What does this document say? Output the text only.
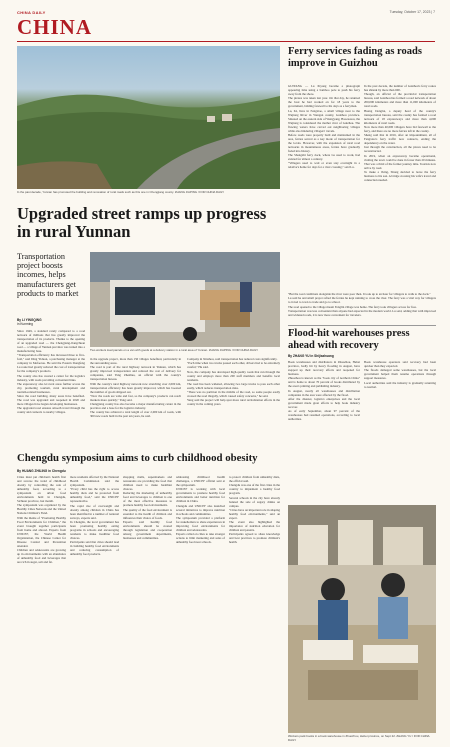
CHINA DAILY	Tuesday, October 17, 2023 | 7
CHINA
In the past decade, Yunnan has promoted the building and renovation of rural roads such as this one in Chengjiang county. ZHANG JIAPING / FOR CHINA DAILY
Ferry services fading as roads improve in Guizhou

GUIYANG — Lu Xiyang became a photograph appearing time using a bamboo pole to push his ferry away from the shore.

The pirates was taken last year. On that day, he returned the boat he had worked on for 18 years to the government, bidding farewell to his days as a ferryman.

Lu, 64, lives in Fengxiao, a small village near to the Wujiang River in Wengan county, Guizhou province. Situated on the eastern side of Wengyang, Haozaotou, the Wujiang is considered the mother river of Guizhou. The flowing waters have carved out neighboring villages while also hindering villagers' travels.

Before roads were properly built and maintained in the area, ferries served as a key mode of transportation for the locals. However, with the expansion of rural road networks in mountainous areas, ferries have gradually faded into history.

The Shangzhi ferry dock, where Lu used to work, had existed for almost a century.

"Villagers used to wait or even stay overnight in a relative's home for days for a river crossing," said Lu.

In the past decade, the number of Guizhou's ferry routes has shrunk by more than 600.

Though, an official of the provincial transportation bureau, said Guizhou has formed a road network of about 200,000 kilometers and more than 11,000 kilometers of rural roads.

Huang Donglai, a deputy head of the county's transportation bureau, said the county has formed a road network of 18 expressways and more than 4,000 kilometers of rural roads.

Now more than 40,000 villagers have bid farewell to the ferry, and there are no more ferries left in the county.

Sheng said that in 2016, after an impoundment, all of Fengxiao's ferry traffic now connects, ending the dependency on the water.

Just through the construction, all the places need to be reconstructed.

In 2019, when an expressway became operational, visiting the town could be done in fewer than 20 minutes. That was a third of the former journey time. Tourists now arrive by road.

To make a living, Shang decided to leave the ferry business to his son. A bridge crossing his wife's travel and connection needed.

"But the road conditions alongside the river were poor then. It took up to an hour for villagers to walk to the dock."

Lu said he and small prayer rafted the ferries he kept running to cross the river. The ferry was a vital way for villagers to travel to town to trade and go to school.

The road opened to the village meant Fenglin village was home. The ferry took villagers across for free.

Transportation was less convenient than anyone had expected in the modern world. Lu said, adding that with improved and widened roads, it is now more convenient for travelers.

Upgraded street ramps up progress in rural Yunnan
Transportation project boosts incomes, helps manufacturers get products to market
By LI YINGQING
in Kunming

Since 1949, a standard rarely compared to a road network of millions that has greatly improved the transportation of its products. Thanks to the opening of an upgraded road — the Chengjiang-Jiangchuan road — a village of Yunnan province was turned into a manufacturing base.

"Transportation efficiency has increased three to five-fold," said Ding Yiduan, a purchasing manager at the company in Mofaotou. He said the Eastern Dongfeng Lu route had greatly reduced the cost of transportation for the company's products.

The county also has created a center for the logistics industry, with roads providing convenient links.

The expressway also let rural areas further access the city, promoting tourism, rural development and tourism-related businesses.

Since the road building, many areas have benefited. The road was upgraded and reopened in 2020 and more villages have begun developing businesses.

The upgraded road ensures smooth travel through the county and connects to nearby villages.

Two workers load parcels on a van with goods at a delivery station in a rural area of Yunnan. ZHANG JIAPING / FOR CHINA DAILY

in the upgrade project, more than 150 villages benefited, particularly in the surrounding areas.

The road is part of the rural highway network in Yunnan, which has greatly improved transportation and reduced the cost of delivery for companies, said Yang Zhenhua, an official with the county's transportation bureau.

With the county's rural highway network now stretching over 2,000 km, transportation efficiency has been greatly improved, which has boosted the number of goods shipped out.

"Now the roads are wide and fast, so the company's products can reach markets more quickly," Yang said.

Chengjiang county has also become a major manufacturing center in the province and a base for the logistics industry.

The county has achieved a total length of over 2,000 km of roads, with 300 new roads built in the past ten years, he said.

Company in Xinzhou, said transportation has reduced costs significantly.

"Each time when two trucks passed each other, drivers had to be extremely careful," Hu said.

Now, the company has developed high-quality roads that run through the county and employs more than 200 staff members and benefits local residents.

The road has been widened, allowing two large trucks to pass each other easily, which reduces transportation risks.

"There was no partition in the middle of the road, so some people easily crossed the road illegally, which caused safety concerns," he said.

Yang said the project will help spur more rural revitalization efforts in the county in the coming years.

Flood-hit warehouses press ahead with recovery
By ZHANG YU in Shijiazhuang

Book warehouses and distributors in Zhuozhou, Hebei province, badly hit by heavy flooding in August, have stepped up their recovery efforts and reopened for business.

Zhuozhou is known as the "book city of northern China" and is home to about 70 percent of books distributed by the area's printing and publishing industry.

In August, nearly all warehouses and distribution companies in the area were affected by the flood.

After the disaster, logistics enterprises and the local government made great efforts to help book industry recover.

As of early September, about 97 percent of the warehouses had resumed operations, according to local authorities.

Book warehouse operators said recovery had been quicker than they expected.

The floods damaged some warehouses, but the local government helped them resume operations through support measures.

Local authorities said the industry is gradually returning to normal.

Chengdu symposium aims to curb childhood obesity
By HUANG ZHILING in Chengdu

Cities must put children's health first and reverse the trend of childhood obesity by controlling the sale of unhealthy food, according to a symposium on urban food environments held in Chengdu, Sichuan province, last month.

The symposium was organized by the Healthy Cities Network and the United Nations Children's Fund.

With the theme of "Promoting Healthy Food Environments for Children," the event brought together participants from home and abroad. Experts from UNICEF, the World Health Organization, the Chinese Center for Disease Control and Prevention attended.

Children and adolescents are growing up in environments with an abundance of unhealthy food and beverages that are rich in sugar, salt and fat.

more residents affected by the National Health Commission said the symposium.

"Every child has the right to access healthy diets and be protected from unhealthy food," said the UNICEF representative.

The rapid rise of overweight and obesity among children in China has been identified in a number of national surveys, experts said.

In Chengdu, the local government has been promoting healthy eating programs in schools and encouraging residents to make healthier food choices.

Participants said that cities should lead in building healthy food environments and reducing consumption of unhealthy food products.

shopping malls, supermarkets and restaurants are providing the food that children need to make healthier choices.

Reducing the marketing of unhealthy food and beverages to children is one of the most effective measures to promote healthy food environments.

The quality of the food environment is essential to the health of children and influences their choice of foods.

Experts said healthy food environments should be created through legislation and cooperation among government departments, businesses and communities.

addressing childhood health challenges, a UNICEF official said at the symposium.

UNICEF is working with local governments to promote healthy food environments and better nutrition for children in China.

Chengdu and UNICEF also launched several initiatives to improve nutrition in schools and communities.

The symposium provided a platform for stakeholders to share experiences in improving food environments for children and adolescents.

Experts called on cities to take stronger actions to limit marketing and sales of unhealthy food near schools.

to protect children from unhealthy diets, the official said.

Chengdu was one of the first cities in the country to implement a healthy food program.

Several schools in the city have already banned the sale of sugary drinks on campus.

"Cities have an important role in shaping healthy food environments," said an expert.

The event also highlighted the importance of nutrition education for children and parents.

Participants agreed to share knowledge and best practices to promote children's health.

Workers pack books in a book warehouse in Zhuozhou, Hebei province, on Sept 22. ZHANG YU / FOR CHINA DAILY
